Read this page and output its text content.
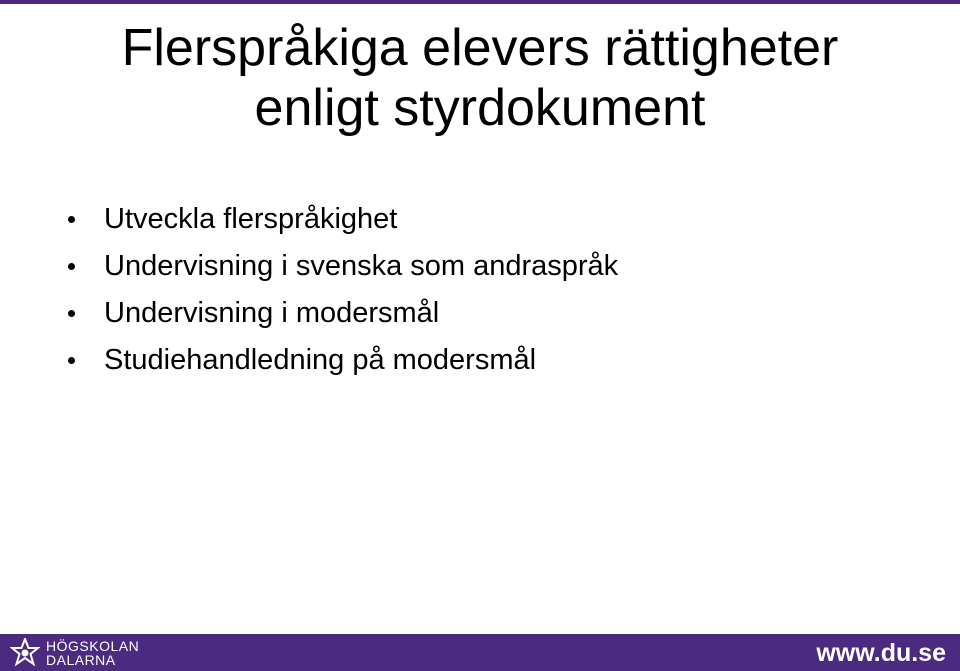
Flerspråkiga elevers rättigheter
enligt styrdokument
Utveckla flerspråkighet
Undervisning i svenska som andraspråk
Undervisning i modersmål
Studiehandledning på modersmål
HÖGSKOLAN
DALARNA	www.du.se
